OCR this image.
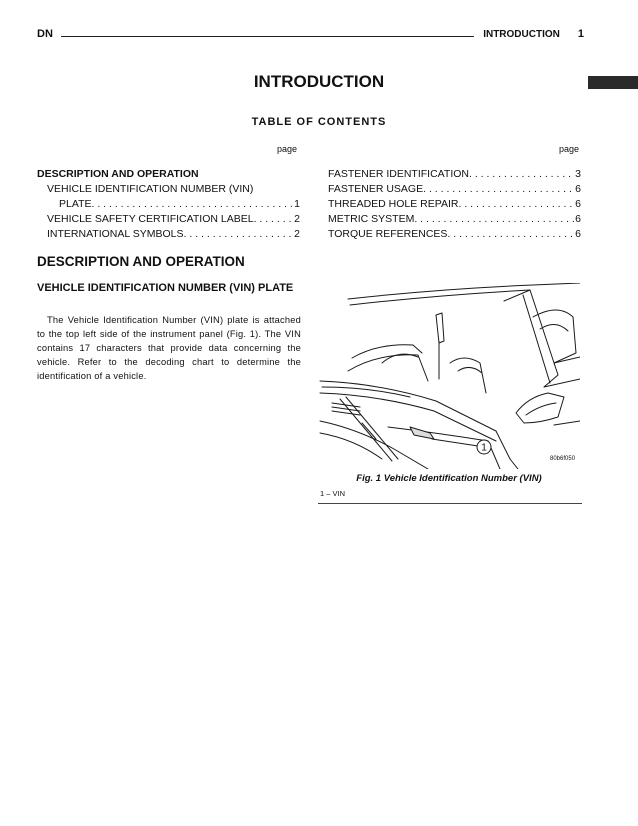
DN	INTRODUCTION 1
INTRODUCTION
TABLE OF CONTENTS
page	page
DESCRIPTION AND OPERATION
VEHICLE IDENTIFICATION NUMBER (VIN)
PLATE . . .	1
VEHICLE SAFETY CERTIFICATION LABEL . . .	2
INTERNATIONAL SYMBOLS . . .	2
FASTENER IDENTIFICATION . . .	3
FASTENER USAGE . . .	6
THREADED HOLE REPAIR . . .	6
METRIC SYSTEM . . .	6
TORQUE REFERENCES . . .	6
DESCRIPTION AND OPERATION
VEHICLE IDENTIFICATION NUMBER (VIN) PLATE
The Vehicle Identification Number (VIN) plate is attached to the top left side of the instrument panel (Fig. 1). The VIN contains 17 characters that provide data concerning the vehicle. Refer to the decoding chart to determine the identification of a vehicle.
1
80b6f050
Fig. 1 Vehicle Identification Number (VIN)
1 – VIN
